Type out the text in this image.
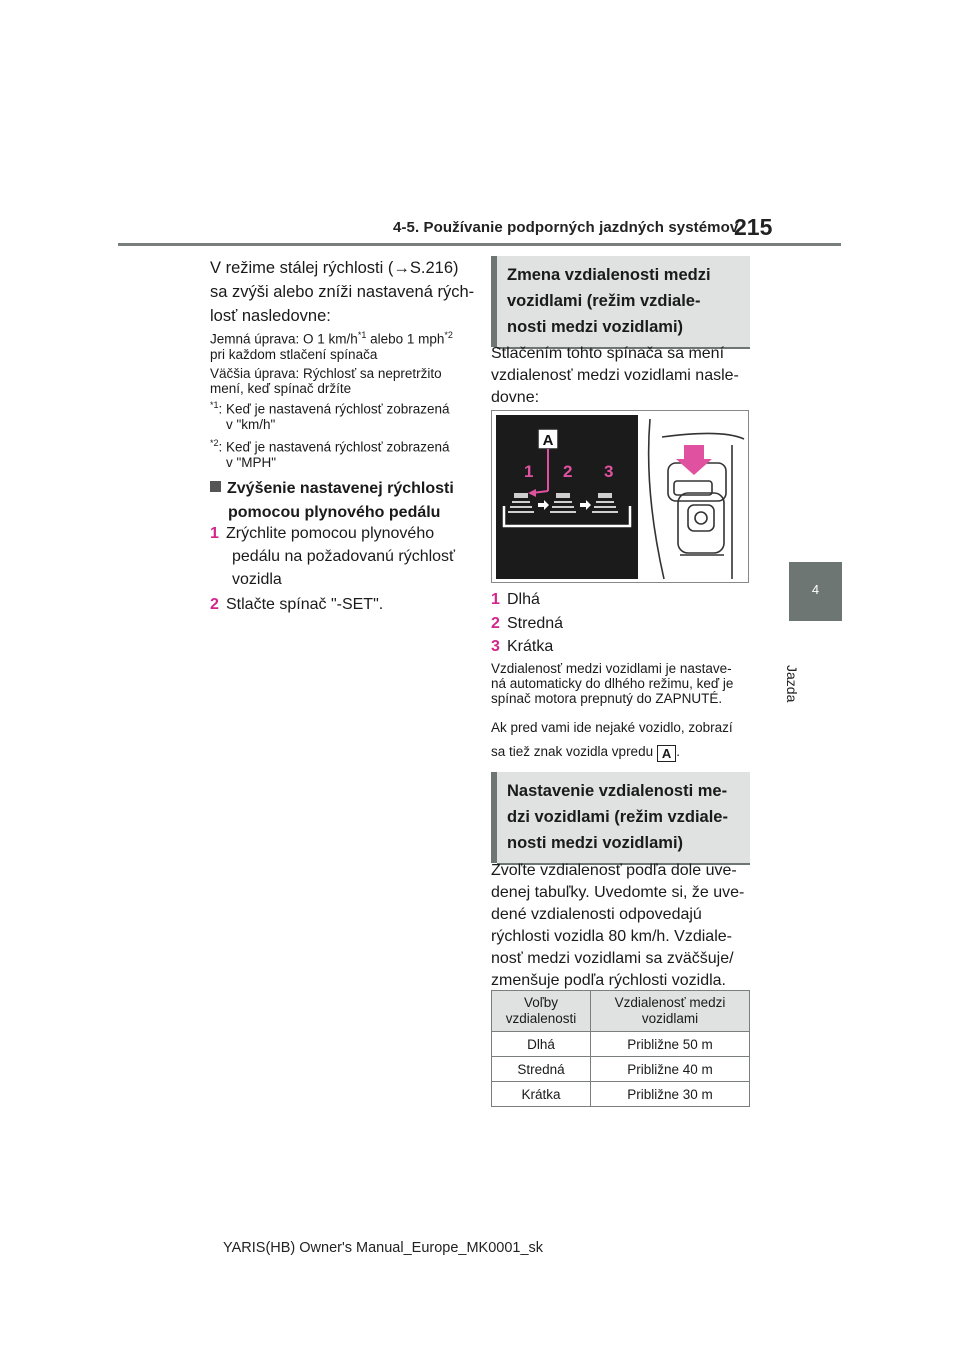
4-5. Používanie podporných jazdných systémov
215
4
Jazda
V režime stálej rýchlosti (→S.216)
sa zvýši alebo zníži nastavená rých-
losť nasledovne:
Jemná úprava: O 1 $km/h^{*1}$ alebo 1 mph$^{*2}$
pri každom stlačení spínača
Väčšia úprava: Rýchlosť sa nepretržito
mení, keď spínač držíte
$^{*1}$: Keď je nastavená rýchlosť zobrazená
v "km/h"
$^{*2}$: Keď je nastavená rýchlosť zobrazená
v "MPH"
Zvýšenie nastavenej rýchlosti
pomocou plynového pedálu
1 Zrýchlite pomocou plynového
pedálu na požadovanú rýchlosť
vozidla
2 Stlačte spínač "-SET".
Zmena vzdialenosti medzi
vozidlami (režim vzdiale-
nosti medzi vozidlami)
Stlačením tohto spínača sa mení
vzdialenosť medzi vozidlami nasle-
dovne:
A
1 2 3
1 Dlhá
2 Stredná
3 Krátka
Vzdialenosť medzi vozidlami je nastave-
ná automaticky do dlhého režimu, keď je
spínač motora prepnutý do ZAPNUTÉ.
Ak pred vami ide nejaké vozidlo, zobrazí
sa tiež znak vozidla vpredu A .
Nastavenie vzdialenosti me-
dzi vozidlami (režim vzdiale-
nosti medzi vozidlami)
Zvoľte vzdialenosť podľa dole uve-
denej tabuľky. Uvedomte si, že uve-
dené vzdialenosti odpovedajú
rýchlosti vozidla 80 km/h. Vzdiale-
nosť medzi vozidlami sa zväčšuje/
zmenšuje podľa rýchlosti vozidla.
Voľby
vzdialenosti	Vzdialenosť medzi
vozidlami
Dlhá	Približne 50 m
Stredná	Približne 40 m
Krátka	Približne 30 m
YARIS(HB) Owner's Manual_Europe_MK0001_sk
